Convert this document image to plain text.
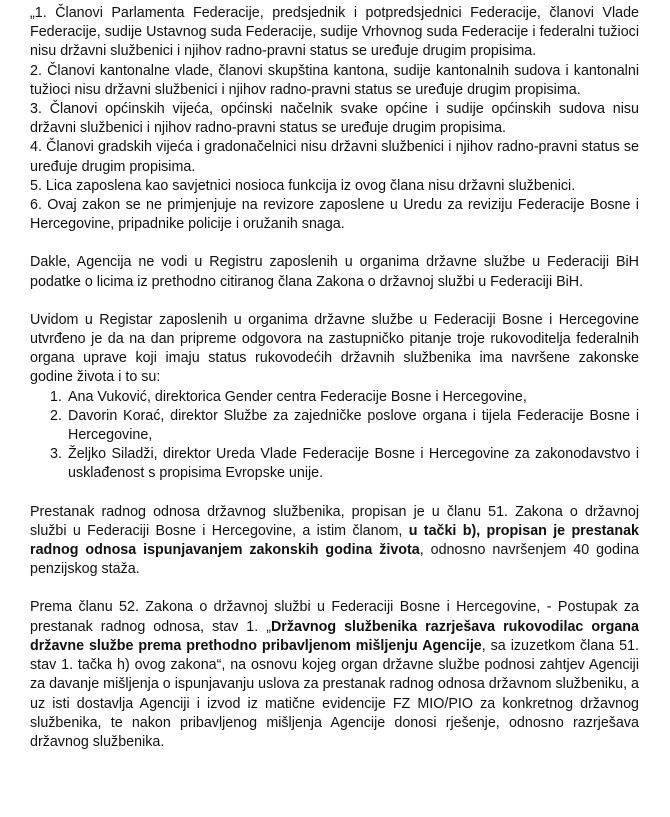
„1. Članovi Parlamenta Federacije, predsjednik i potpredsjednici Federacije, članovi Vlade Federacije, sudije Ustavnog suda Federacije, sudije Vrhovnog suda Federacije i federalni tužioci nisu državni službenici i njihov radno-pravni status se uređuje drugim propisima.

2. Članovi kantonalne vlade, članovi skupština kantona, sudije kantonalnih sudova i kantonalni tužioci nisu državni službenici i njihov radno-pravni status se uređuje drugim propisima.

3. Članovi općinskih vijeća, općinski načelnik svake općine i sudije općinskih sudova nisu državni službenici i njihov radno-pravni status se uređuje drugim propisima.

4. Članovi gradskih vijeća i gradonačelnici nisu državni službenici i njihov radno-pravni status se uređuje drugim propisima.

5. Lica zaposlena kao savjetnici nosioca funkcija iz ovog člana nisu državni službenici.

6. Ovaj zakon se ne primjenjuje na revizore zaposlene u Uredu za reviziju Federacije Bosne i Hercegovine, pripadnike policije i oružanih snaga.

Dakle, Agencija ne vodi u Registru zaposlenih u organima državne službe u Federaciji BiH podatke o licima iz prethodno citiranog člana Zakona o državnoj službi u Federaciji BiH.

Uvidom u Registar zaposlenih u organima državne službe u Federaciji Bosne i Hercegovine utvrđeno je da na dan pripreme odgovora na zastupničko pitanje troje rukovoditelja federalnih organa uprave koji imaju status rukovodećih državnih službenika ima navršene zakonske godine života i to su:

1. Ana Vuković, direktorica Gender centra Federacije Bosne i Hercegovine,
2. Davorin Korać, direktor Službe za zajedničke poslove organa i tijela Federacije Bosne i Hercegovine,
3. Željko Siladži, direktor Ureda Vlade Federacije Bosne i Hercegovine za zakonodavstvo i usklađenost s propisima Evropske unije.

Prestanak radnog odnosa državnog službenika, propisan je u članu 51. Zakona o državnoj službi u Federaciji Bosne i Hercegovine, a istim članom, u tački b), propisan je prestanak radnog odnosa ispunjavanjem zakonskih godina života, odnosno navršenjem 40 godina penzijskog staža.

Prema članu 52. Zakona o državnoj službi u Federaciji Bosne i Hercegovine, - Postupak za prestanak radnog odnosa, stav 1. „Državnog službenika razrješava rukovodilac organa državne službe prema prethodno pribavljenom mišljenju Agencije, sa izuzetkom člana 51. stav 1. tačka h) ovog zakona“, na osnovu kojeg organ državne službe podnosi zahtjev Agenciji za davanje mišljenja o ispunjavanju uslova za prestanak radnog odnosa državnom službeniku, a uz isti dostavlja Agenciji i izvod iz matične evidencije FZ MIO/PIO za konkretnog državnog službenika, te nakon pribavljenog mišljenja Agencije donosi rješenje, odnosno razrješava državnog službenika.
